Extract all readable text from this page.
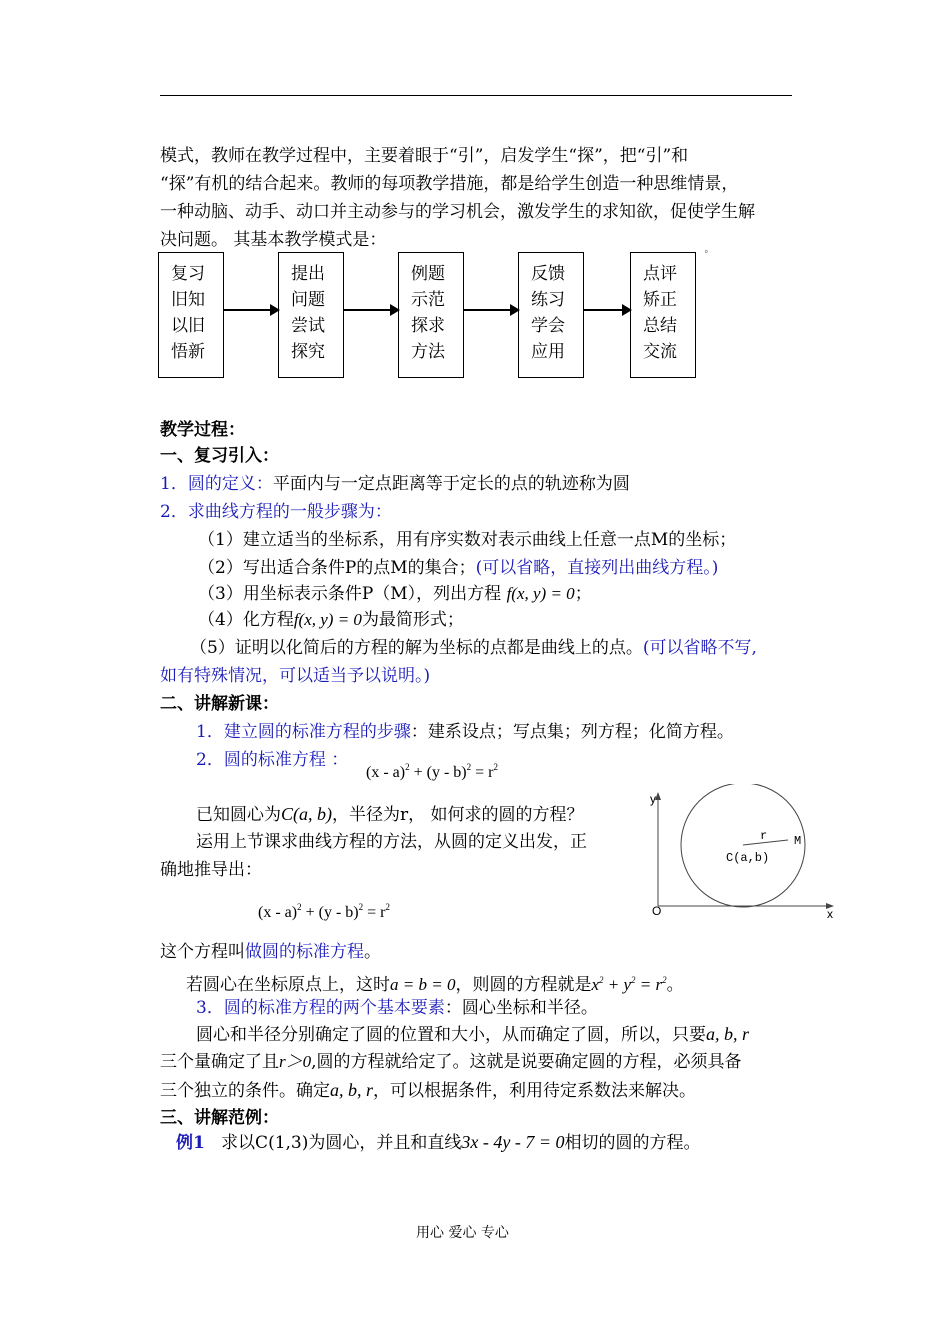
模式，教师在教学过程中，主要着眼于“引”，启发学生“探”，把“引”和
“探”有机的结合起来。教师的每项教学措施，都是给学生创造一种思维情景，
一种动脑、动手、动口并主动参与的学习机会，激发学生的求知欲，促使学生解
决问题。 其基本教学模式是：
°
复习
旧知
以旧
悟新
提出
问题
尝试
探究
例题
示范
探求
方法
反馈
练习
学会
应用
点评
矫正
总结
交流
教学过程：
一、复习引入：
1．圆的定义：平面内与一定点距离等于定长的点的轨迹称为圆
2．求曲线方程的一般步骤为：
（1）建立适当的坐标系，用有序实数对表示曲线上任意一点M的坐标；
（2）写出适合条件P的点M的集合；(可以省略，直接列出曲线方程。)
（3）用坐标表示条件P（M），列出方程 f(x, y) = 0；
（4）化方程f(x, y) = 0为最简形式；
（5）证明以化简后的方程的解为坐标的点都是曲线上的点。(可以省略不写,
如有特殊情况，可以适当予以说明。)
二、讲解新课：
1．建立圆的标准方程的步骤：建系设点；写点集；列方程；化简方程。
2．圆的标准方程 ：
$(x - a)^2 + (y - b)^2 = r^2$
已知圆心为C(a, b)，半径为r， 如何求的圆的方程？
运用上节课求曲线方程的方法，从圆的定义出发，正
确地推导出：
$(x - a)^2 + (y - b)^2 = r^2$
y
x
O
r M
C(a,b)
这个方程叫做圆的标准方程。
若圆心在坐标原点上，这时a = b = 0，则圆的方程就是$x^2 + y^2 = r^2$。
3．圆的标准方程的两个基本要素：圆心坐标和半径。
圆心和半径分别确定了圆的位置和大小，从而确定了圆，所以，只要a, b, r
三个量确定了且r＞0,圆的方程就给定了。这就是说要确定圆的方程，必须具备
三个独立的条件。确定a, b, r，可以根据条件，利用待定系数法来解决。
三、讲解范例：
例1 求以C(1,3)为圆心，并且和直线3x - 4y - 7 = 0相切的圆的方程。
用心 爱心 专心
